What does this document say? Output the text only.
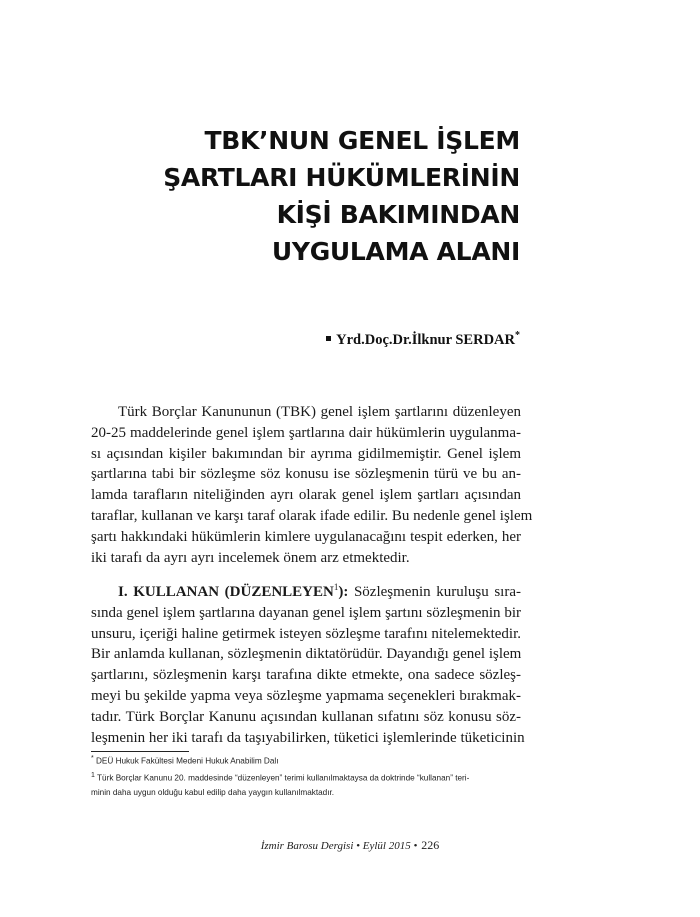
TBK’NUN GENEL İŞLEM
ŞARTLARI HÜKÜMLERİNİN
KİŞİ BAKIMINDAN
UYGULAMA ALANI
Yrd.Doç.Dr.İlknur SERDAR*
Türk Borçlar Kanununun (TBK) genel işlem şartlarını düzenleyen
20-25 maddelerinde genel işlem şartlarına dair hükümlerin uygulanma-
sı açısından kişiler bakımından bir ayrıma gidilmemiştir. Genel işlem
şartlarına tabi bir sözleşme söz konusu ise sözleşmenin türü ve bu an-
lamda tarafların niteliğinden ayrı olarak genel işlem şartları açısından
taraflar, kullanan ve karşı taraf olarak ifade edilir. Bu nedenle genel işlem
şartı hakkındaki hükümlerin kimlere uygulanacağını tespit ederken, her
iki tarafı da ayrı ayrı incelemek önem arz etmektedir.
I. KULLANAN (DÜZENLEYEN$^1$): Sözleşmenin kuruluşu sıra-
sında genel işlem şartlarına dayanan genel işlem şartını sözleşmenin bir
unsuru, içeriği haline getirmek isteyen sözleşme tarafını nitelemektedir.
Bir anlamda kullanan, sözleşmenin diktatörüdür. Dayandığı genel işlem
şartlarını, sözleşmenin karşı tarafına dikte etmekte, ona sadece sözleş-
meyi bu şekilde yapma veya sözleşme yapmama seçenekleri bırakmak-
tadır. Türk Borçlar Kanunu açısından kullanan sıfatını söz konusu söz-
leşmenin her iki tarafı da taşıyabilirken, tüketici işlemlerinde tüketicinin
* DEÜ Hukuk Fakültesi Medeni Hukuk Anabilim Dalı
$^1$ Türk Borçlar Kanunu 20. maddesinde “düzenleyen” terimi kullanılmaktaysa da doktrinde “kullanan” teri-
minin daha uygun olduğu kabul edilip daha yaygın kullanılmaktadır.
İzmir Barosu Dergisi • Eylül 2015 • 226
